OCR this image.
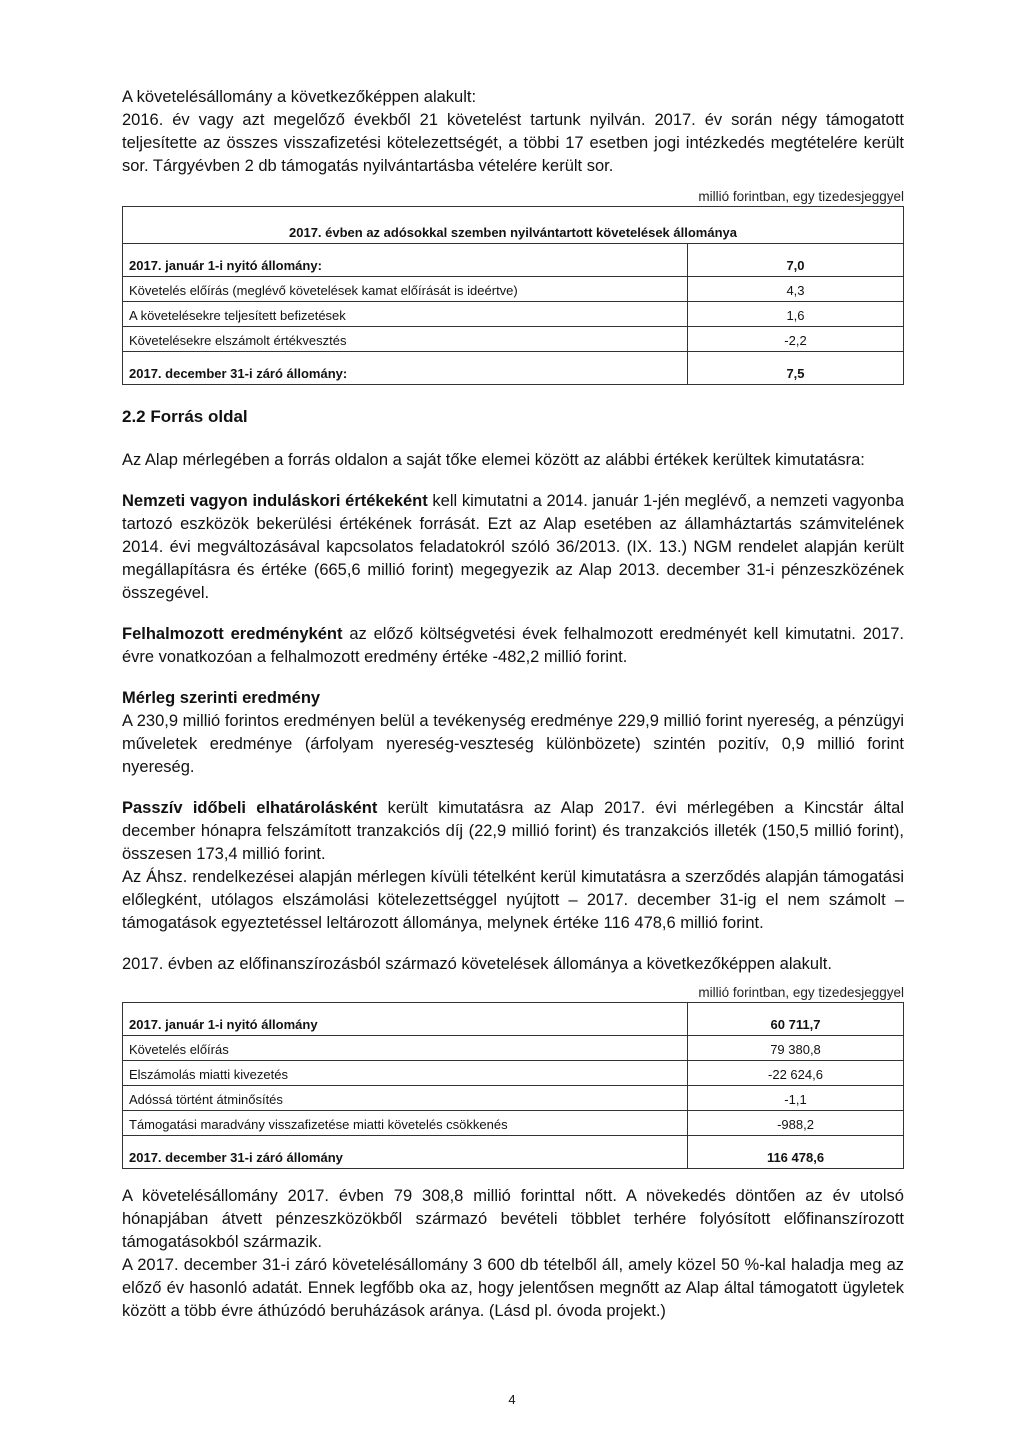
A követelésállomány a következőképpen alakult:

2016. év vagy azt megelőző évekből 21 követelést tartunk nyilván. 2017. év során négy támogatott teljesítette az összes visszafizetési kötelezettségét, a többi 17 esetben jogi intézkedés megtételére került sor. Tárgyévben 2 db támogatás nyilvántartásba vételére került sor.

millió forintban, egy tizedesjeggyel
2017. évben az adósokkal szemben nyilvántartott követelések állománya	
2017. január 1-i nyitó állomány:	7,0
Követelés előírás (meglévő követelések kamat előírását is ideértve)	4,3
A követelésekre teljesített befizetések	1,6
Követelésekre elszámolt értékvesztés	-2,2
2017. december 31-i záró állomány:	7,5
2.2 Forrás oldal

Az Alap mérlegében a forrás oldalon a saját tőke elemei között az alábbi értékek kerültek kimutatásra:

Nemzeti vagyon induláskori értékeként kell kimutatni a 2014. január 1-jén meglévő, a nemzeti vagyonba tartozó eszközök bekerülési értékének forrását. Ezt az Alap esetében az államháztartás számvitelének 2014. évi megváltozásával kapcsolatos feladatokról szóló 36/2013. (IX. 13.) NGM rendelet alapján került megállapításra és értéke (665,6 millió forint) megegyezik az Alap 2013. december 31-i pénzeszközének összegével.

Felhalmozott eredményként az előző költségvetési évek felhalmozott eredményét kell kimutatni. 2017. évre vonatkozóan a felhalmozott eredmény értéke -482,2 millió forint.

Mérleg szerinti eredmény

A 230,9 millió forintos eredményen belül a tevékenység eredménye 229,9 millió forint nyereség, a pénzügyi műveletek eredménye (árfolyam nyereség-veszteség különbözete) szintén pozitív, 0,9 millió forint nyereség.

Passzív időbeli elhatárolásként került kimutatásra az Alap 2017. évi mérlegében a Kincstár által december hónapra felszámított tranzakciós díj (22,9 millió forint) és tranzakciós illeték (150,5 millió forint), összesen 173,4 millió forint.

Az Áhsz. rendelkezései alapján mérlegen kívüli tételként kerül kimutatásra a szerződés alapján támogatási előlegként, utólagos elszámolási kötelezettséggel nyújtott – 2017. december 31-ig el nem számolt – támogatások egyeztetéssel leltározott állománya, melynek értéke 116 478,6 millió forint.

2017. évben az előfinanszírozásból származó követelések állománya a következőképpen alakult.

millió forintban, egy tizedesjeggyel
2017. január 1-i nyitó állomány	60 711,7
Követelés előírás	79 380,8
Elszámolás miatti kivezetés	-22 624,6
Adóssá történt átminősítés	-1,1
Támogatási maradvány visszafizetése miatti követelés csökkenés	-988,2
2017. december 31-i záró állomány	116 478,6

A követelésállomány 2017. évben 79 308,8 millió forinttal nőtt. A növekedés döntően az év utolsó hónapjában átvett pénzeszközökből származó bevételi többlet terhére folyósított előfinanszírozott támogatásokból származik.

A 2017. december 31-i záró követelésállomány 3 600 db tételből áll, amely közel 50 %-kal haladja meg az előző év hasonló adatát. Ennek legfőbb oka az, hogy jelentősen megnőtt az Alap által támogatott ügyletek között a több évre áthúzódó beruházások aránya. (Lásd pl. óvoda projekt.)

4
